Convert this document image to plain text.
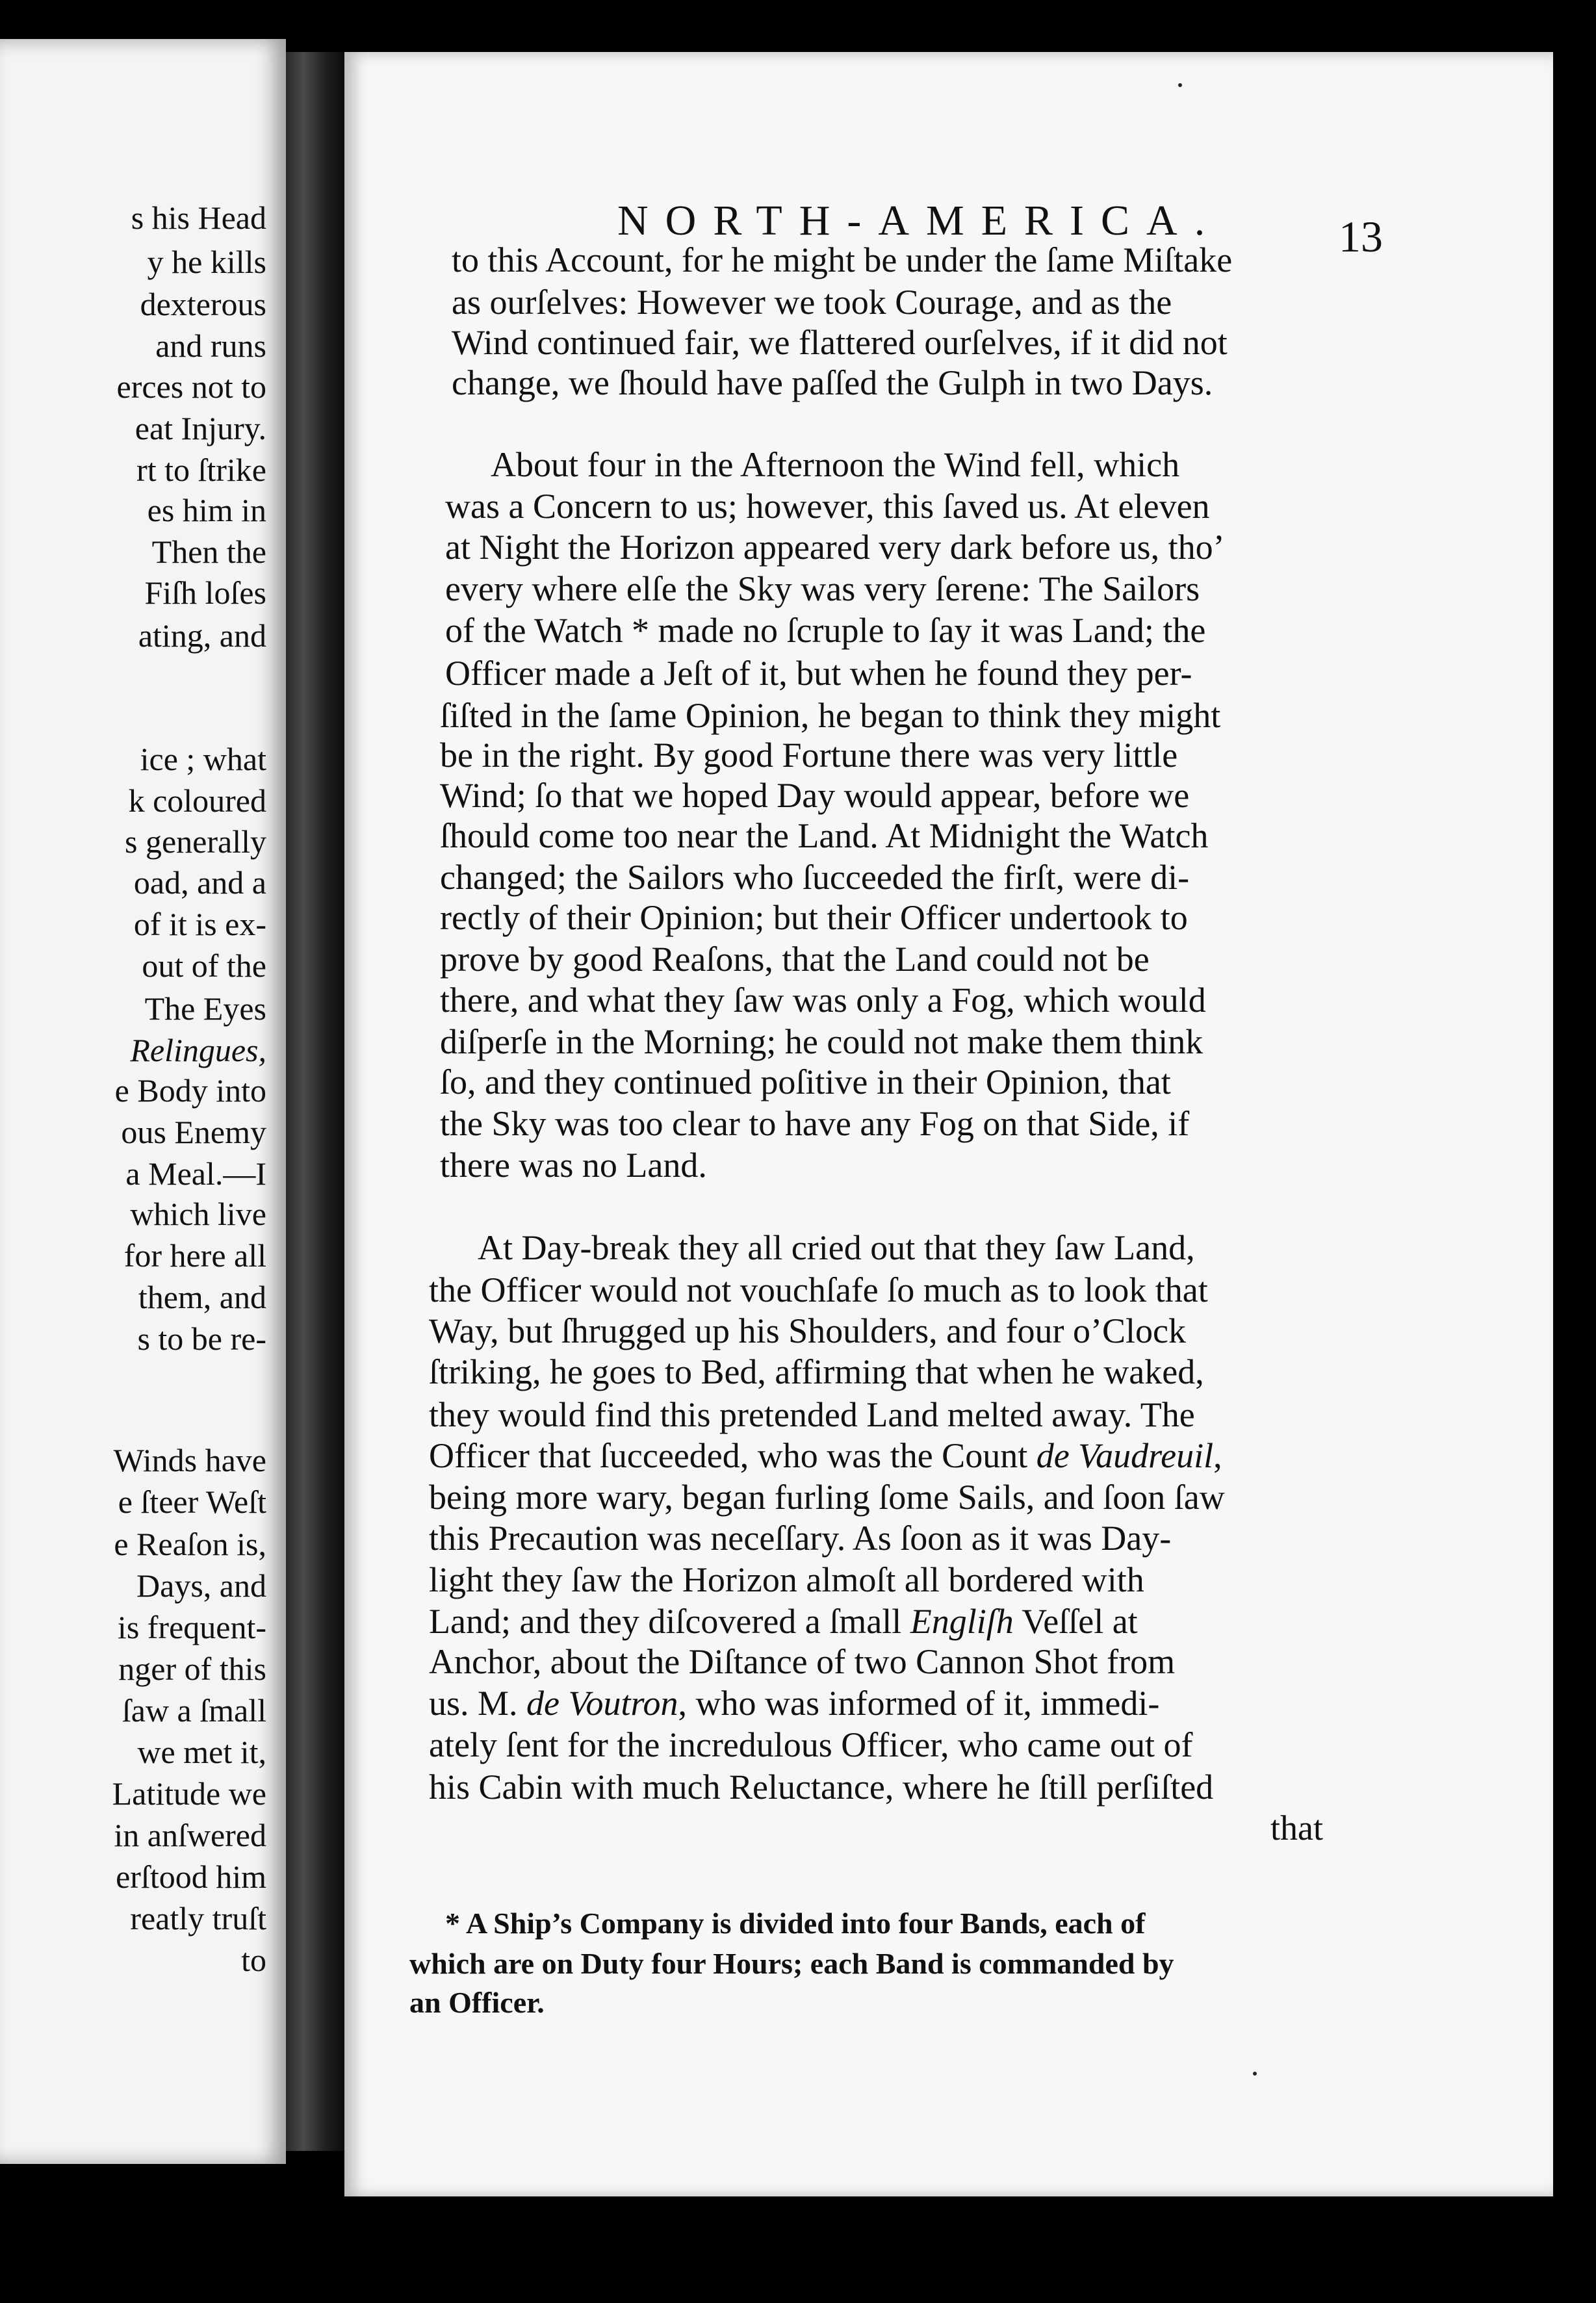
s his Head
y he kills
dexterous
and runs
erces not to
eat Injury.
rt to ſtrike
es him in
Then the
Fiſh loſes
ating, and
ice ; what
k coloured
s generally
oad, and a
of it is ex-
out of the
The Eyes
Relingues,
e Body into
ous Enemy
a Meal.—I
which live
for here all
them, and
s to be re-
Winds have
e ſteer Weſt
e Reaſon is,
Days, and
is frequent-
nger of this
ſaw a ſmall
we met it,
Latitude we
in anſwered
erſtood him
reatly truſt
to
NORTH-AMERICA.	13
to this Account, for he might be under the ſame Miſtake
as ourſelves: However we took Courage, and as the
Wind continued fair, we flattered ourſelves, if it did not
change, we ſhould have paſſed the Gulph in two Days.
About four in the Afternoon the Wind fell, which
was a Concern to us; however, this ſaved us. At eleven
at Night the Horizon appeared very dark before us, tho’
every where elſe the Sky was very ſerene: The Sailors
of the Watch * made no ſcruple to ſay it was Land; the
Officer made a Jeſt of it, but when he found they per-
ſiſted in the ſame Opinion, he began to think they might
be in the right. By good Fortune there was very little
Wind; ſo that we hoped Day would appear, before we
ſhould come too near the Land. At Midnight the Watch
changed; the Sailors who ſucceeded the firſt, were di-
rectly of their Opinion; but their Officer undertook to
prove by good Reaſons, that the Land could not be
there, and what they ſaw was only a Fog, which would
diſperſe in the Morning; he could not make them think
ſo, and they continued poſitive in their Opinion, that
the Sky was too clear to have any Fog on that Side, if
there was no Land.
At Day-break they all cried out that they ſaw Land,
the Officer would not vouchſafe ſo much as to look that
Way, but ſhrugged up his Shoulders, and four o’Clock
ſtriking, he goes to Bed, affirming that when he waked,
they would find this pretended Land melted away. The
Officer that ſucceeded, who was the Count de Vaudreuil,
being more wary, began furling ſome Sails, and ſoon ſaw
this Precaution was neceſſary. As ſoon as it was Day-
light they ſaw the Horizon almoſt all bordered with
Land; and they diſcovered a ſmall Engliſh Veſſel at
Anchor, about the Diſtance of two Cannon Shot from
us. M. de Voutron, who was informed of it, immedi-
ately ſent for the incredulous Officer, who came out of
his Cabin with much Reluctance, where he ſtill perſiſted
that
* A Ship’s Company is divided into four Bands, each of
which are on Duty four Hours; each Band is commanded by
an Officer.
